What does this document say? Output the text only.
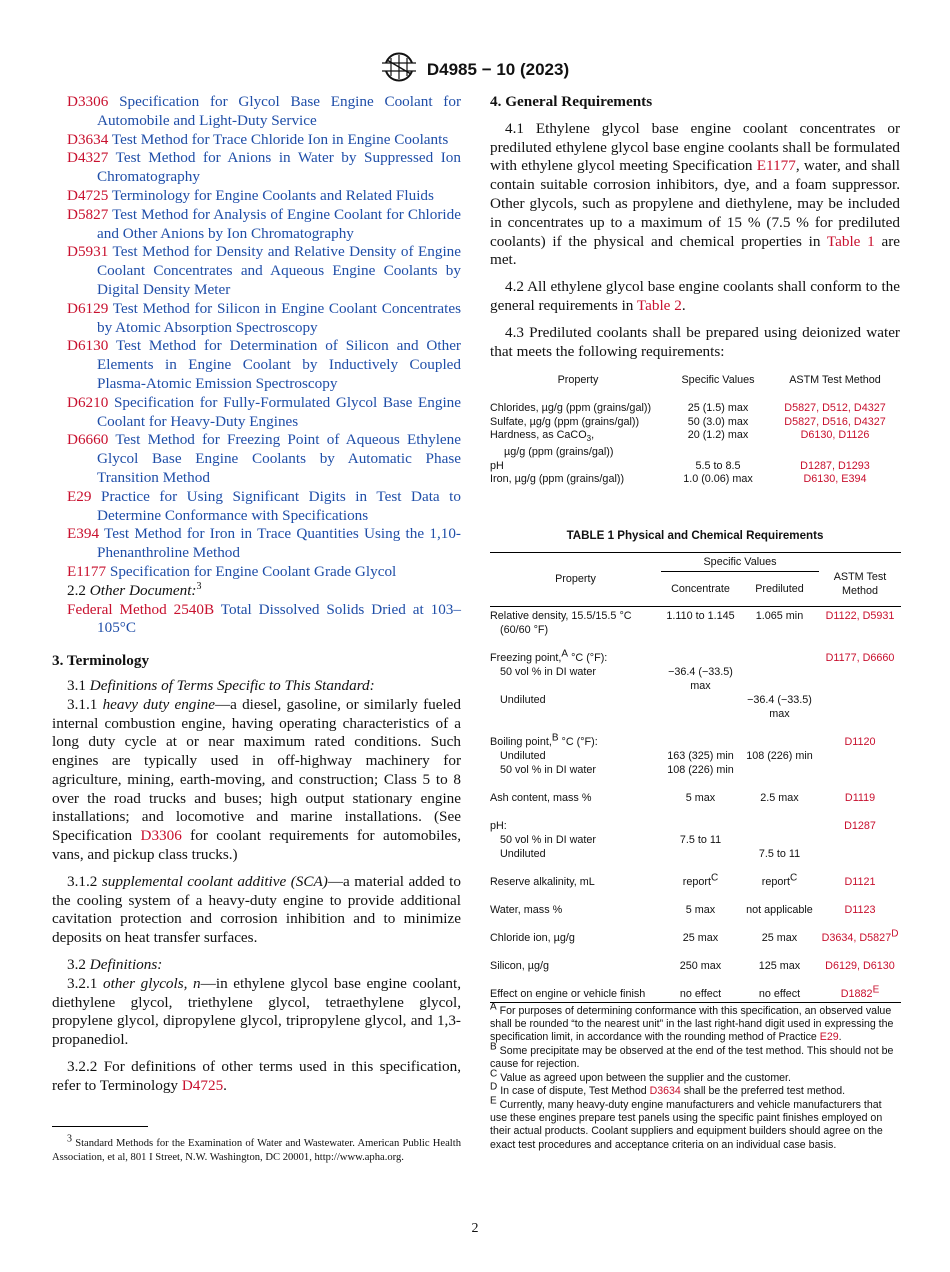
D4985 − 10 (2023)
D3306 Specification for Glycol Base Engine Coolant for Automobile and Light-Duty Service
D3634 Test Method for Trace Chloride Ion in Engine Coolants
D4327 Test Method for Anions in Water by Suppressed Ion Chromatography
D4725 Terminology for Engine Coolants and Related Fluids
D5827 Test Method for Analysis of Engine Coolant for Chloride and Other Anions by Ion Chromatography
D5931 Test Method for Density and Relative Density of Engine Coolant Concentrates and Aqueous Engine Coolants by Digital Density Meter
D6129 Test Method for Silicon in Engine Coolant Concentrates by Atomic Absorption Spectroscopy
D6130 Test Method for Determination of Silicon and Other Elements in Engine Coolant by Inductively Coupled Plasma-Atomic Emission Spectroscopy
D6210 Specification for Fully-Formulated Glycol Base Engine Coolant for Heavy-Duty Engines
D6660 Test Method for Freezing Point of Aqueous Ethylene Glycol Base Engine Coolants by Automatic Phase Transition Method
E29 Practice for Using Significant Digits in Test Data to Determine Conformance with Specifications
E394 Test Method for Iron in Trace Quantities Using the 1,10-Phenanthroline Method
E1177 Specification for Engine Coolant Grade Glycol

2.2 Other Document:$^3$

Federal Method 2540B Total Dissolved Solids Dried at 103–105°C

3. Terminology

3.1 Definitions of Terms Specific to This Standard:

3.1.1 heavy duty engine—a diesel, gasoline, or similarly fueled internal combustion engine, having operating characteristics of a long duty cycle at or near maximum rated conditions. Such engines are typically used in off-highway machinery for agriculture, mining, earth-moving, and construction; Class 5 to 8 over the road trucks and buses; high output stationary engine installations; and locomotive and marine installations. (See Specification D3306 for coolant requirements for automobiles, vans, and pickup class trucks.)

3.1.2 supplemental coolant additive (SCA)—a material added to the cooling system of a heavy-duty engine to provide additional cavitation protection and corrosion inhibition and to minimize deposits on heat transfer surfaces.

3.2 Definitions:

3.2.1 other glycols, n—in ethylene glycol base engine coolant, diethylene glycol, triethylene glycol, tetraethylene glycol, propylene glycol, dipropylene glycol, tripropylene glycol, and 1,3-propanediol.

3.2.2 For definitions of other terms used in this specification, refer to Terminology D4725.

$^3$ Standard Methods for the Examination of Water and Wastewater. American Public Health Association, et al, 801 I Street, N.W. Washington, DC 20001, http://www.apha.org.

4. General Requirements

4.1 Ethylene glycol base engine coolant concentrates or prediluted ethylene glycol base engine coolants shall be formulated with ethylene glycol meeting Specification E1177, water, and shall contain suitable corrosion inhibitors, dye, and a foam suppressor. Other glycols, such as propylene and diethylene, may be included in concentrates up to a maximum of 15 % (7.5 % for prediluted coolants) if the physical and chemical properties in Table 1 are met.

4.2 All ethylene glycol base engine coolants shall conform to the general requirements in Table 2.

4.3 Prediluted coolants shall be prepared using deionized water that meets the following requirements:

Property	Specific Values	ASTM Test Method
Chlorides, µg/g (ppm (grains/gal))	25 (1.5) max	D5827, D512, D4327
Sulfate, µg/g (ppm (grains/gal))	50 (3.0) max	D5827, D516, D4327
Hardness, as CaCO$_3$,
µg/g (ppm (grains/gal))	20 (1.2) max	D6130, D1126
pH	5.5 to 8.5	D1287, D1293
Iron, µg/g (ppm (grains/gal))	1.0 (0.06) max	D6130, E394
TABLE 1 Physical and Chemical Requirements
Property	Specific Values		ASTM Test Method
	Concentrate	Prediluted	

Relative density, 15.5/15.5 °C
(60/60 °F)	1.110 to 1.145	1.065 min	D1122, D5931

Freezing point,$^A$ °C (°F):			D1177, D6660
50 vol % in DI water	−36.4 (−33.5)
max		
Undiluted		−36.4 (−33.5)
max	

Boiling point,$^B$ °C (°F):			D1120
Undiluted	163 (325) min	108 (226) min	
50 vol % in DI water	108 (226) min		

Ash content, mass %	5 max	2.5 max	D1119

pH:			D1287
50 vol % in DI water	7.5 to 11		
Undiluted		7.5 to 11	

Reserve alkalinity, mL	report$^C$	report$^C$	D1121

Water, mass %	5 max	not applicable	D1123

Chloride ion, µg/g	25 max	25 max	D3634, $D5827^D$

Silicon, µg/g	250 max	125 max	D6129, D6130

Effect on engine or vehicle finish	no effect	no effect	$D1882^E$

$^A$ For purposes of determining conformance with this specification, an observed value shall be rounded “to the nearest unit” in the last right-hand digit used in expressing the specification limit, in accordance with the rounding method of Practice E29.

$^B$ Some precipitate may be observed at the end of the test method. This should not be cause for rejection.

$^C$ Value as agreed upon between the supplier and the customer.

$^D$ In case of dispute, Test Method D3634 shall be the preferred test method.

$^E$ Currently, many heavy-duty engine manufacturers and vehicle manufacturers that use these engines prepare test panels using the specific paint finishes employed on their actual products. Coolant suppliers and equipment builders should agree on the exact test procedures and acceptance criteria on an individual case basis.

2
